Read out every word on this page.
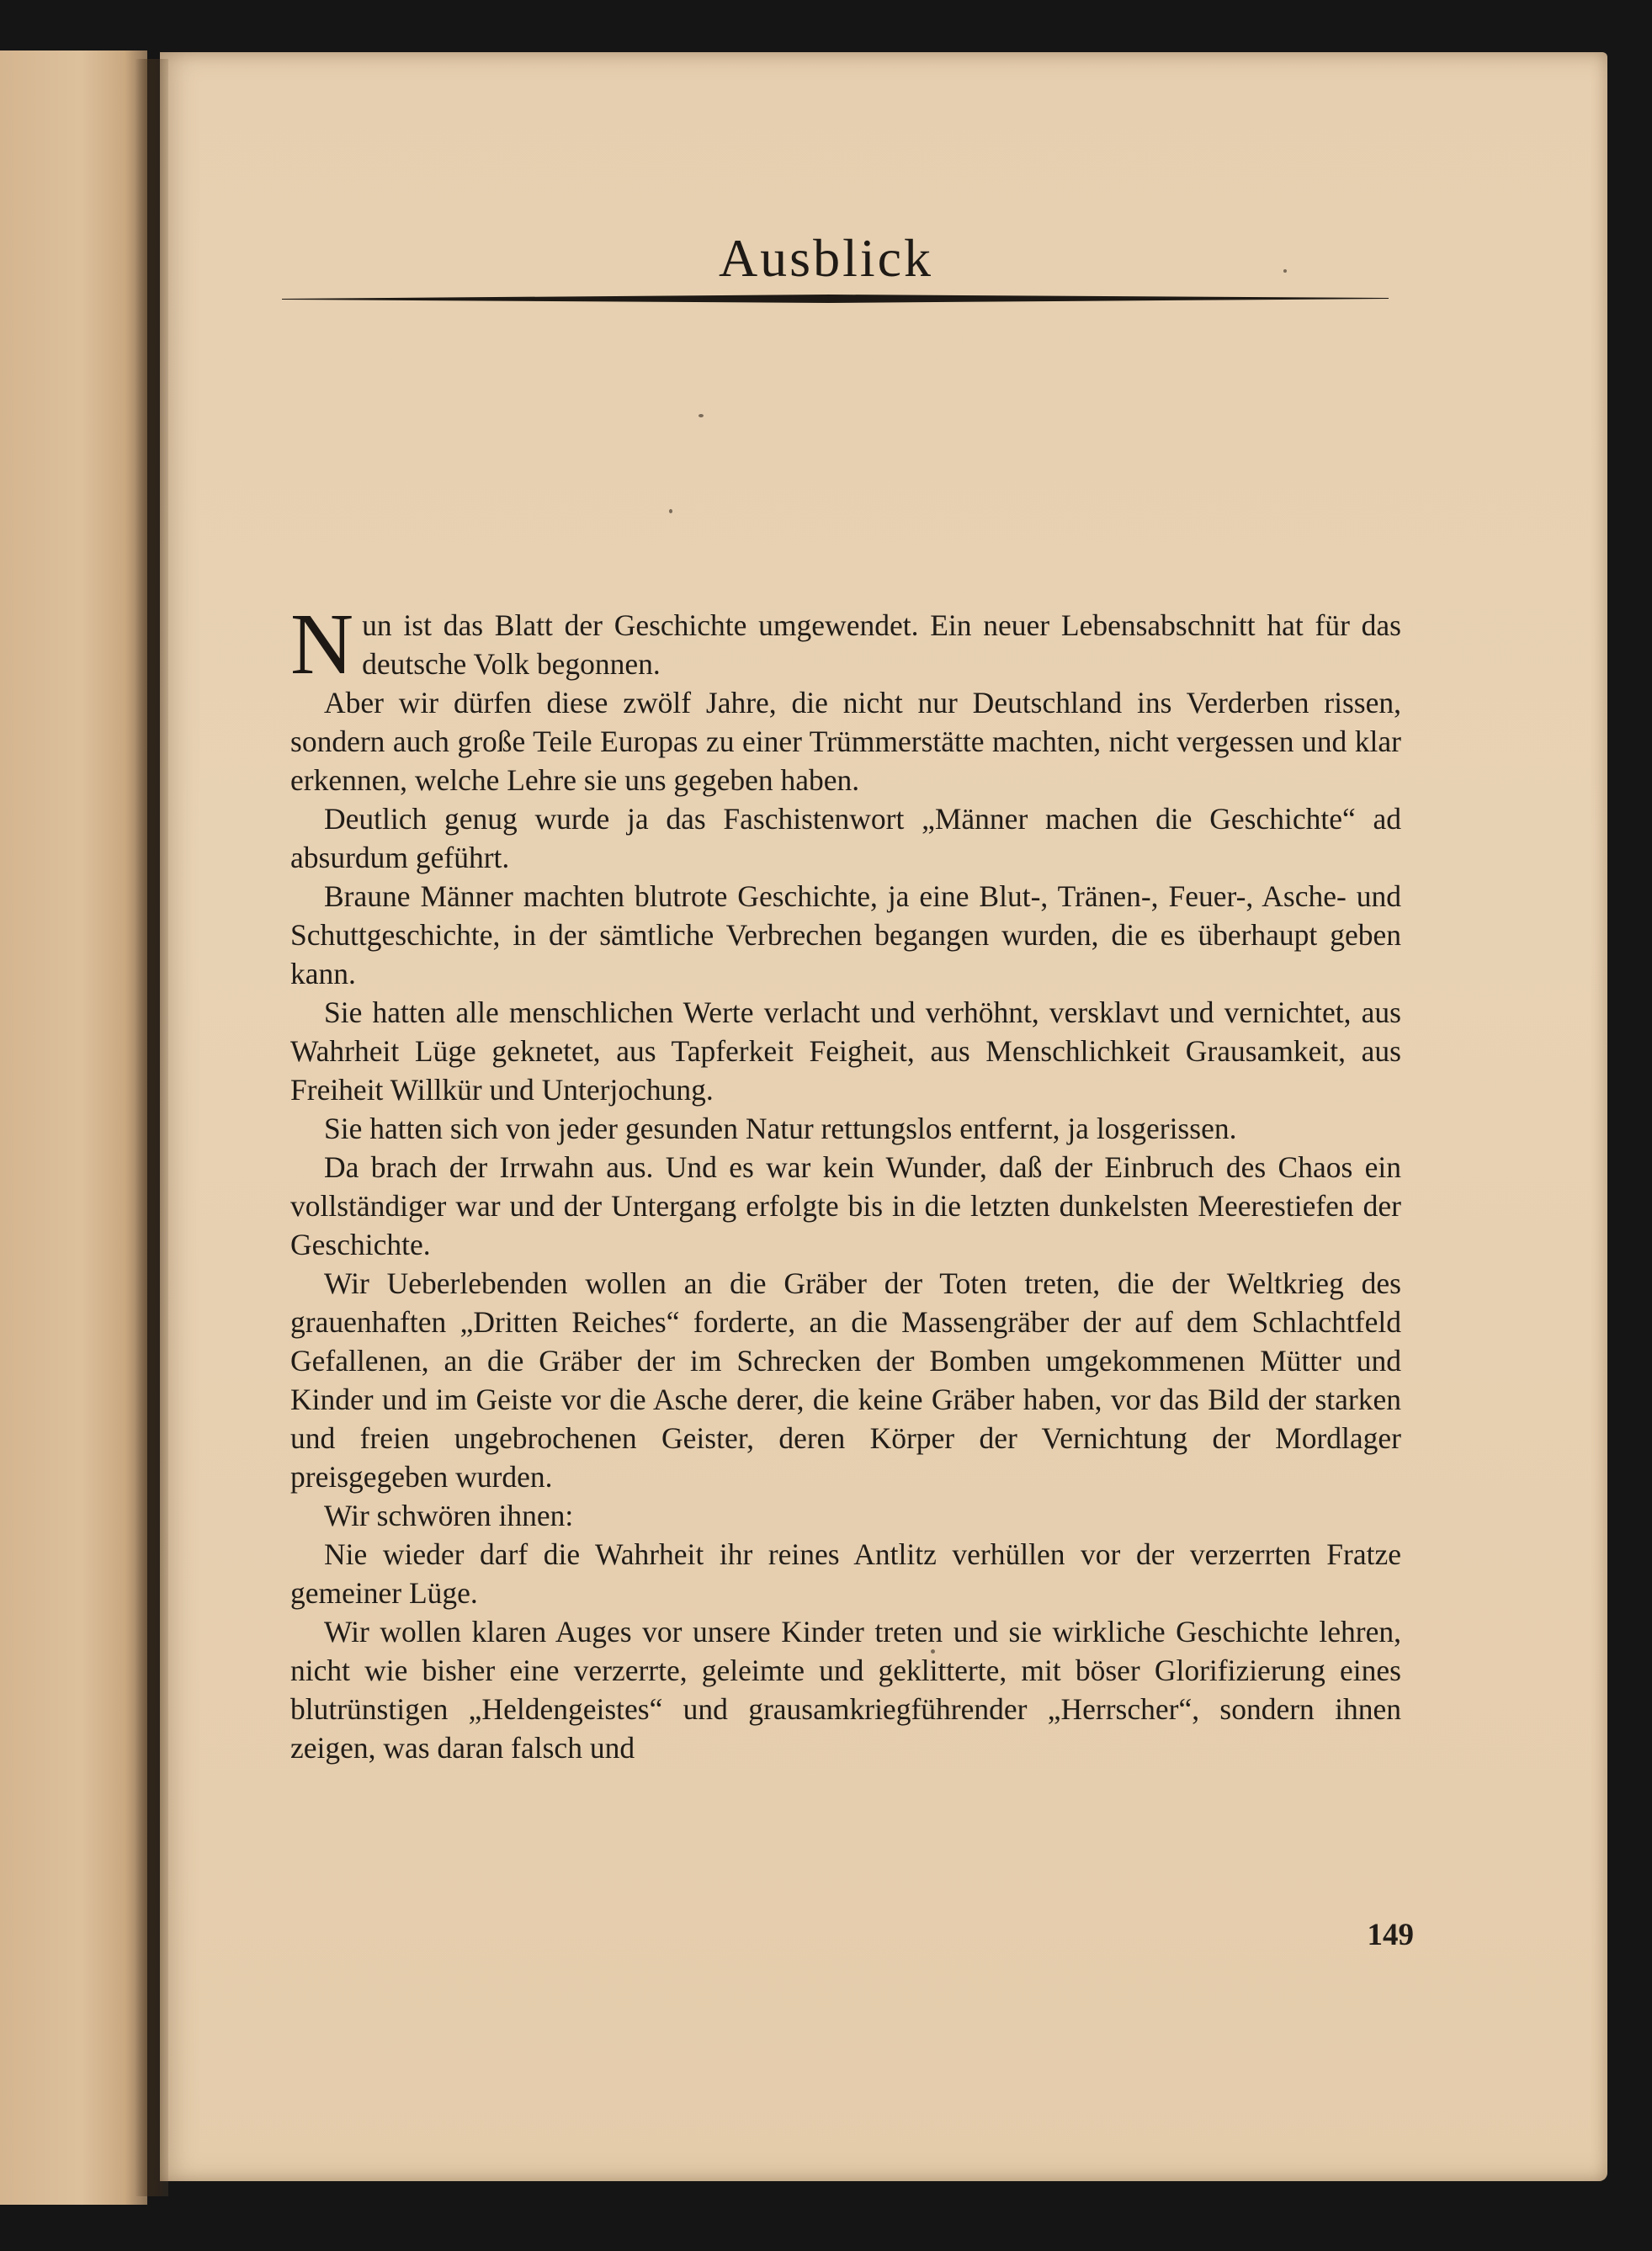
Ausblick

Nun ist das Blatt der Geschichte umgewendet. Ein neuer Lebensabschnitt hat für das deutsche Volk begonnen.

Aber wir dürfen diese zwölf Jahre, die nicht nur Deutschland ins Verderben rissen, sondern auch große Teile Europas zu einer Trümmerstätte machten, nicht vergessen und klar erkennen, welche Lehre sie uns gegeben haben.

Deutlich genug wurde ja das Faschistenwort „Männer machen die Geschichte“ ad absurdum geführt.

Braune Männer machten blutrote Geschichte, ja eine Blut-, Tränen-, Feuer-, Asche- und Schuttgeschichte, in der sämtliche Verbrechen begangen wurden, die es überhaupt geben kann.

Sie hatten alle menschlichen Werte verlacht und verhöhnt, versklavt und vernichtet, aus Wahrheit Lüge geknetet, aus Tapferkeit Feigheit, aus Menschlichkeit Grausamkeit, aus Freiheit Willkür und Unterjochung.

Sie hatten sich von jeder gesunden Natur rettungslos entfernt, ja losgerissen.

Da brach der Irrwahn aus. Und es war kein Wunder, daß der Einbruch des Chaos ein vollständiger war und der Untergang erfolgte bis in die letzten dunkelsten Meerestiefen der Geschichte.

Wir Ueberlebenden wollen an die Gräber der Toten treten, die der Weltkrieg des grauenhaften „Dritten Reiches“ forderte, an die Massengräber der auf dem Schlachtfeld Gefallenen, an die Gräber der im Schrecken der Bomben umgekommenen Mütter und Kinder und im Geiste vor die Asche derer, die keine Gräber haben, vor das Bild der starken und freien ungebrochenen Geister, deren Körper der Vernichtung der Mordlager preisgegeben wurden.

Wir schwören ihnen:

Nie wieder darf die Wahrheit ihr reines Antlitz verhüllen vor der verzerrten Fratze gemeiner Lüge.

Wir wollen klaren Auges vor unsere Kinder treten und sie wirkliche Geschichte lehren, nicht wie bisher eine verzerrte, geleimte und geklitterte, mit böser Glorifizierung eines blutrünstigen „Heldengeistes“ und grausamkriegführender „Herrscher“, sondern ihnen zeigen, was daran falsch und

149
